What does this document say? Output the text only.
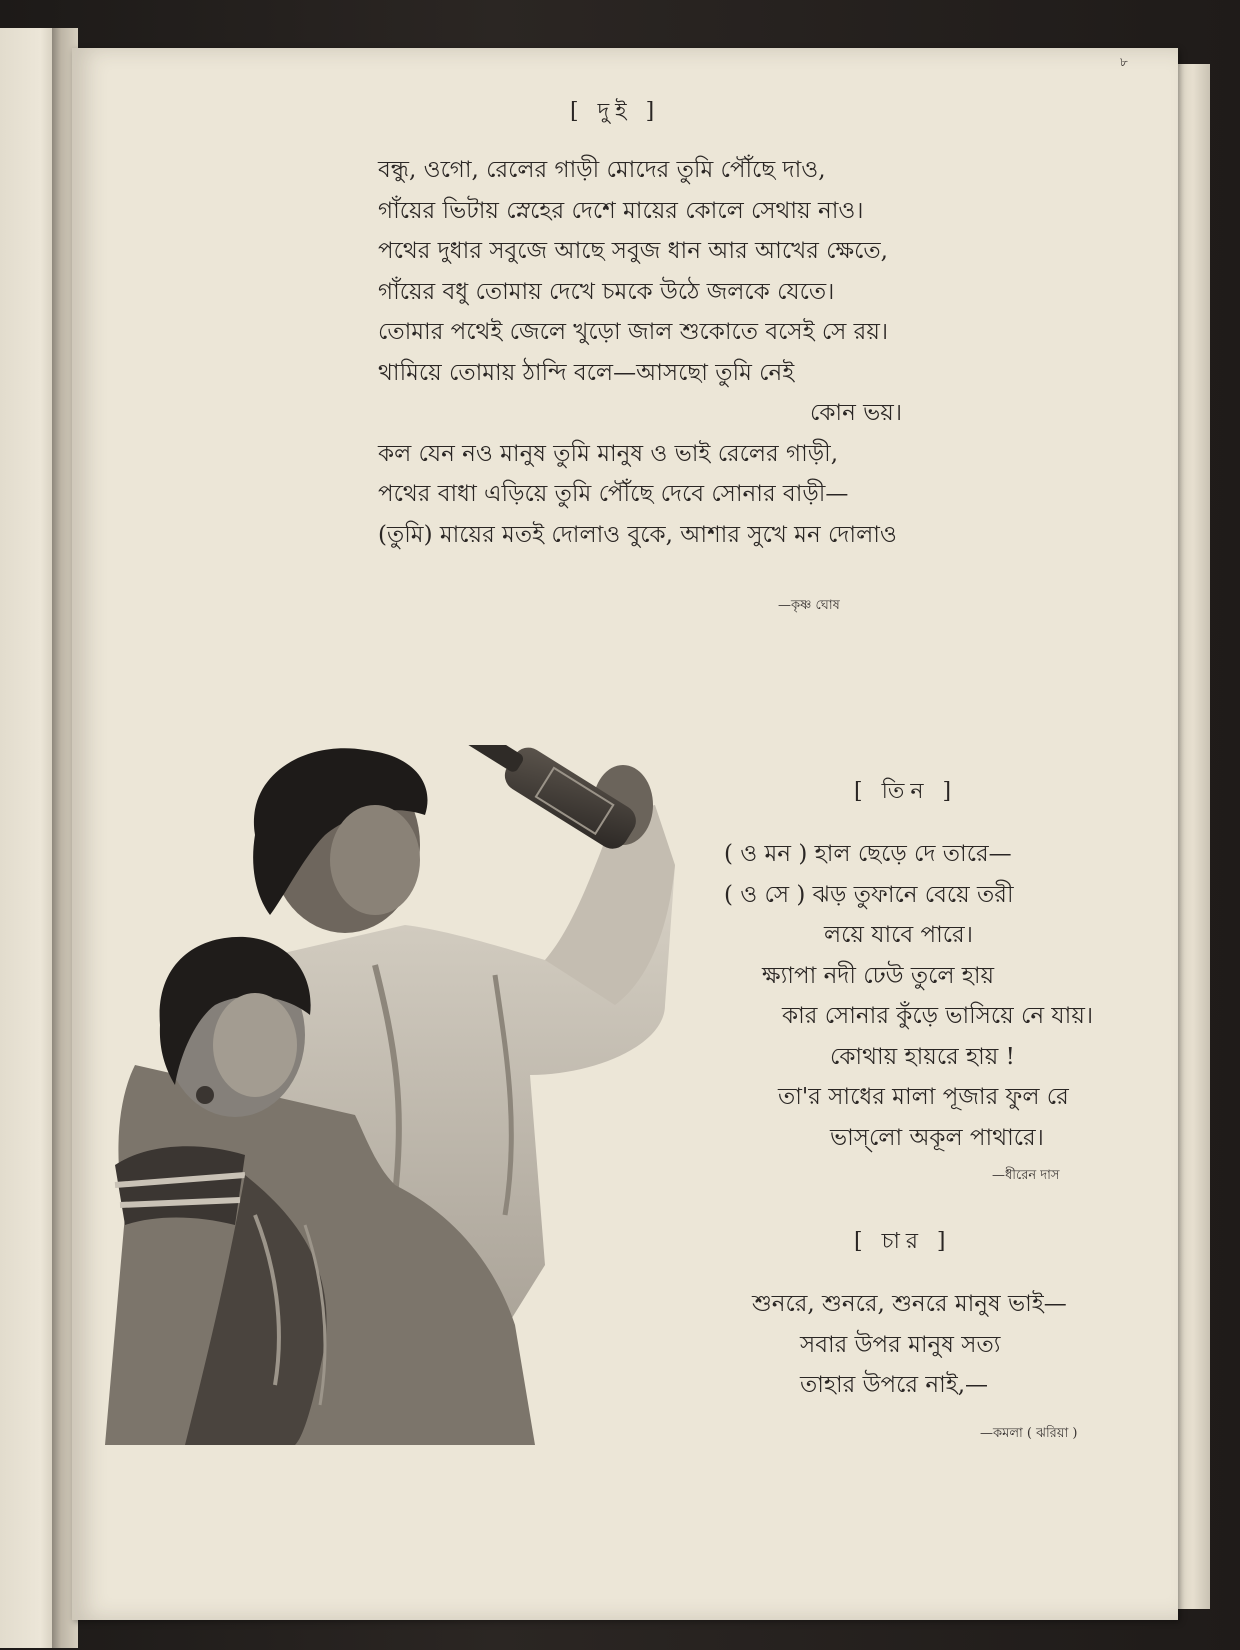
৮
[ দুই ]
বন্ধু, ওগো, রেলের গাড়ী মোদের তুমি পৌঁছে দাও,
গাঁয়ের ভিটায় স্নেহের দেশে মায়ের কোলে সেথায় নাও।
পথের দুধার সবুজে আছে সবুজ ধান আর আখের ক্ষেতে,
গাঁয়ের বধু তোমায় দেখে চমকে উঠে জলকে যেতে।
তোমার পথেই জেলে খুড়ো জাল শুকোতে বসেই সে রয়।
থামিয়ে তোমায় ঠান্দি বলে—আসছো তুমি নেই
কোন ভয়।
কল যেন নও মানুষ তুমি মানুষ ও ভাই রেলের গাড়ী,
পথের বাধা এড়িয়ে তুমি পৌঁছে দেবে সোনার বাড়ী—
(তুমি) মায়ের মতই দোলাও বুকে, আশার সুখে মন দোলাও
—কৃষ্ণ ঘোষ
[ তিন ]
( ও মন ) হাল ছেড়ে দে তারে—
( ও সে ) ঝড় তুফানে বেয়ে তরী
লয়ে যাবে পারে।
ক্ষ্যাপা নদী ঢেউ তুলে হায়
কার সোনার কুঁড়ে ভাসিয়ে নে যায়।
কোথায় হায়রে হায় !
তা'র সাধের মালা পূজার ফুল রে
ভাস্‌লো অকূল পাথারে।
—ধীরেন দাস
[ চার ]
শুনরে, শুনরে, শুনরে মানুষ ভাই—
সবার উপর মানুষ সত্য
তাহার উপরে নাই,—
—কমলা ( ঝরিয়া )
